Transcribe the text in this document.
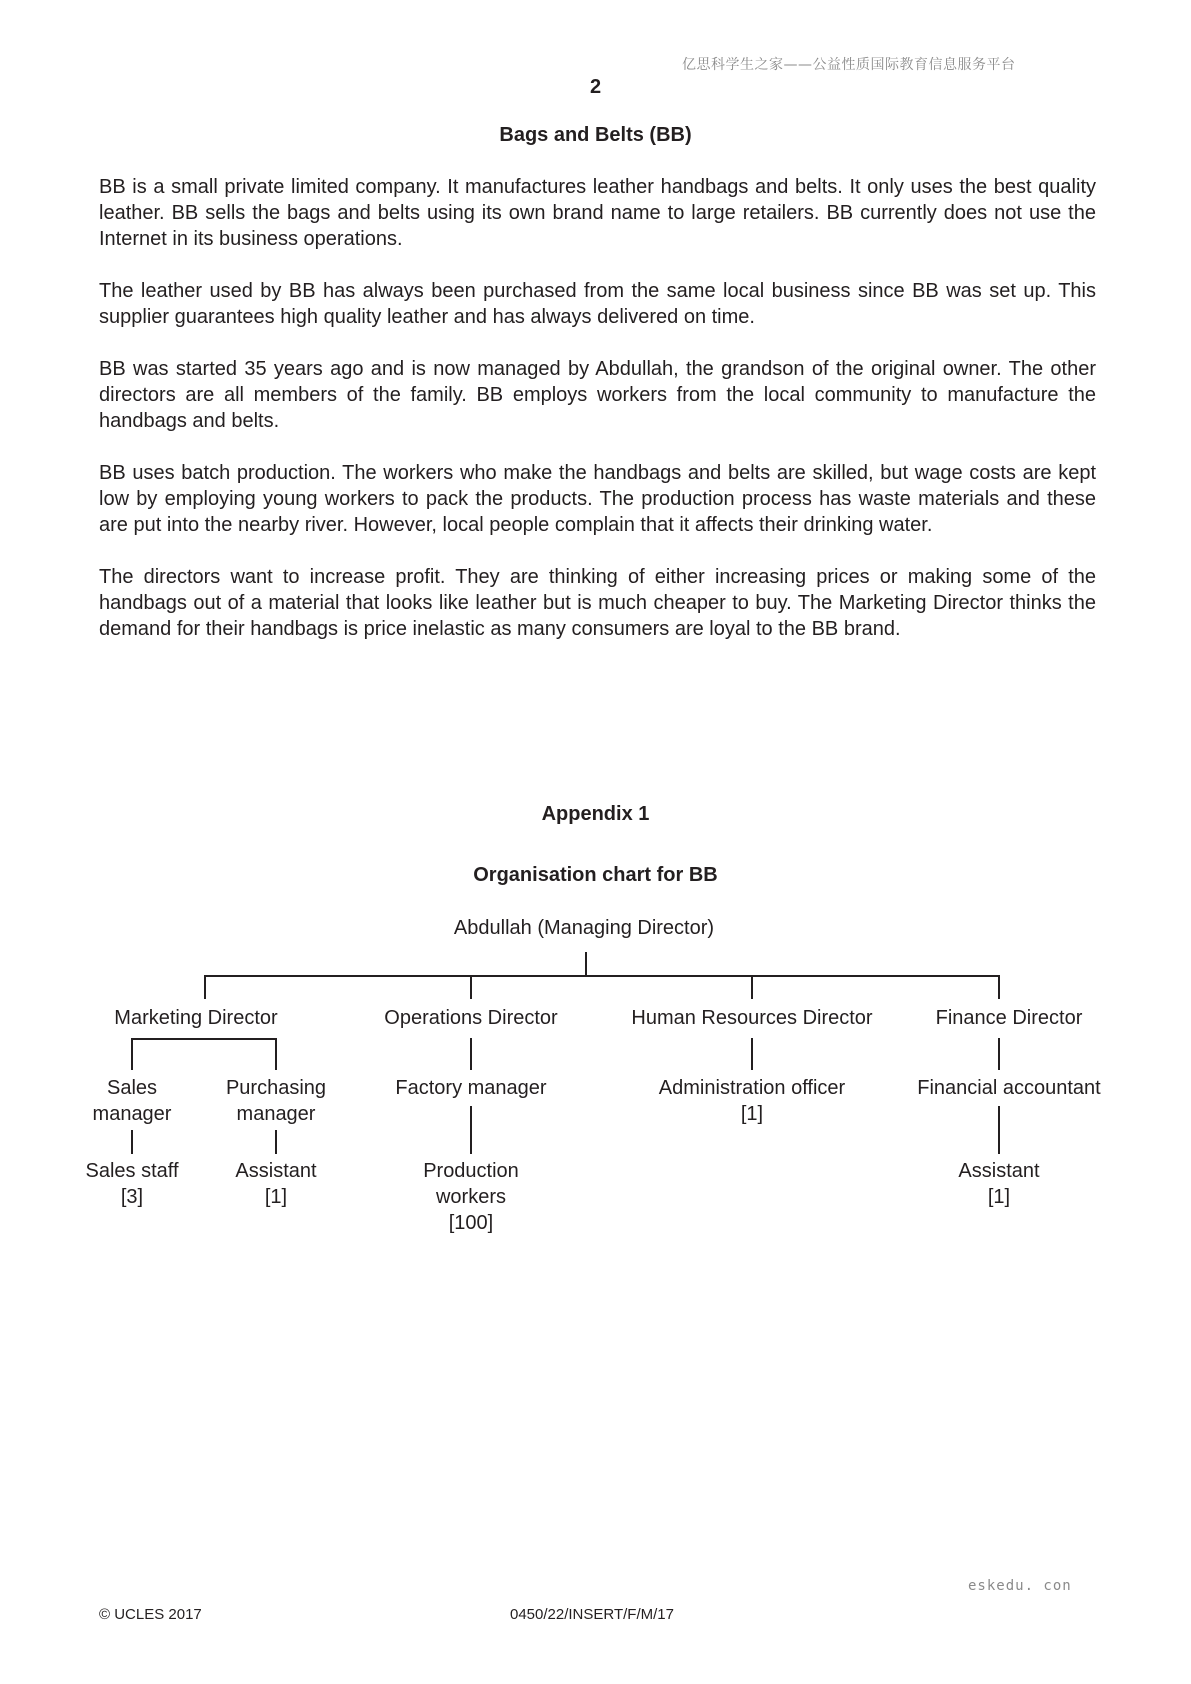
亿思科学生之家——公益性质国际教育信息服务平台
2
Bags and Belts (BB)

BB is a small private limited company. It manufactures leather handbags and belts. It only uses the best quality leather. BB sells the bags and belts using its own brand name to large retailers. BB currently does not use the Internet in its business operations.

The leather used by BB has always been purchased from the same local business since BB was set up. This supplier guarantees high quality leather and has always delivered on time.

BB was started 35 years ago and is now managed by Abdullah, the grandson of the original owner. The other directors are all members of the family. BB employs workers from the local community to manufacture the handbags and belts.

BB uses batch production. The workers who make the handbags and belts are skilled, but wage costs are kept low by employing young workers to pack the products. The production process has waste materials and these are put into the nearby river. However, local people complain that it affects their drinking water.

The directors want to increase profit. They are thinking of either increasing prices or making some of the handbags out of a material that looks like leather but is much cheaper to buy. The Marketing Director thinks the demand for their handbags is price inelastic as many consumers are loyal to the BB brand.

Appendix 1
Organisation chart for BB
Abdullah (Managing Director)
Marketing Director	Operations Director	Human Resources Director	Finance Director
Sales
manager
Purchasing
manager
Factory manager	Administration officer
[1]
Financial accountant
Sales staff
[3]
Assistant
[1]
Production
workers
[100]
Assistant
[1]
eskedu. con
© UCLES 2017	0450/22/INSERT/F/M/17
